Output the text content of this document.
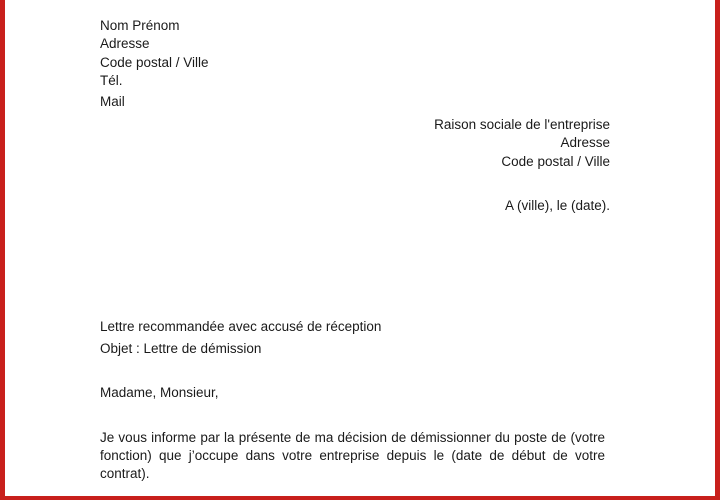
Nom Prénom
Adresse
Code postal / Ville
Tél.
Mail
Raison sociale de l'entreprise
Adresse
Code postal / Ville
A (ville), le (date).
Lettre recommandée avec accusé de réception
Objet : Lettre de démission
Madame, Monsieur,
Je vous informe par la présente de ma décision de démissionner du poste de (votre fonction) que j’occupe dans votre entreprise depuis le (date de début de votre contrat).
